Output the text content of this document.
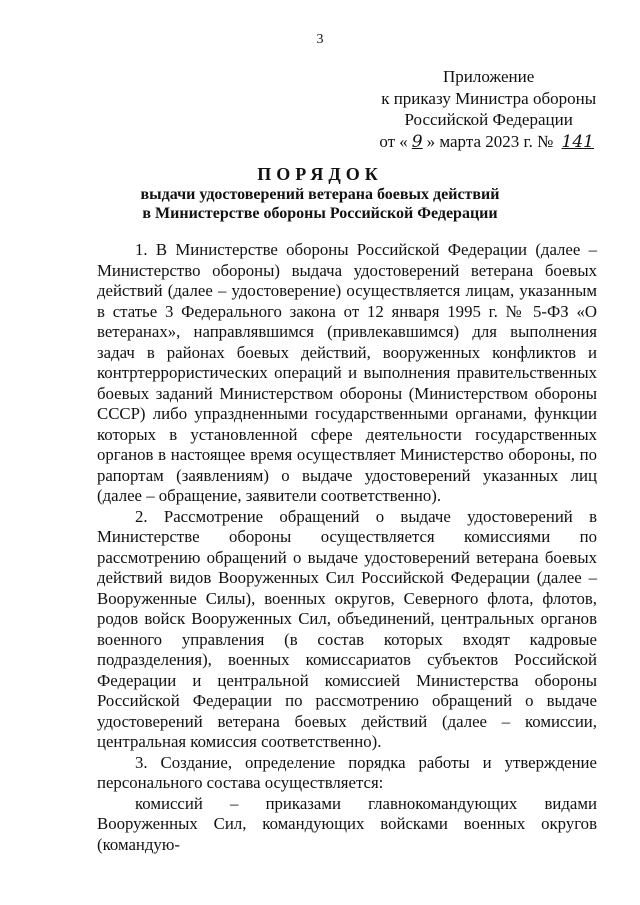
3
Приложение
к приказу Министра обороны
Российской Федерации
от « 9 » марта 2023 г. № 141
ПОРЯДОК
выдачи удостоверений ветерана боевых действий
в Министерстве обороны Российской Федерации

1. В Министерстве обороны Российской Федерации (далее – Министерство обороны) выдача удостоверений ветерана боевых действий (далее – удостоверение) осуществляется лицам, указанным в статье 3 Федерального закона от 12 января 1995 г. № 5-ФЗ «О ветеранах», направлявшимся (привлекавшимся) для выполнения задач в районах боевых действий, вооруженных конфликтов и контртеррористических операций и выполнения правительственных боевых заданий Министерством обороны (Министерством обороны СССР) либо упраздненными государственными органами, функции которых в установленной сфере деятельности государственных органов в настоящее время осуществляет Министерство обороны, по рапортам (заявлениям) о выдаче удостоверений указанных лиц (далее – обращение, заявители соответственно).

2. Рассмотрение обращений о выдаче удостоверений в Министерстве обороны осуществляется комиссиями по рассмотрению обращений о выдаче удостоверений ветерана боевых действий видов Вооруженных Сил Российской Федерации (далее – Вооруженные Силы), военных округов, Северного флота, флотов, родов войск Вооруженных Сил, объединений, центральных органов военного управления (в состав которых входят кадровые подразделения), военных комиссариатов субъектов Российской Федерации и центральной комиссией Министерства обороны Российской Федерации по рассмотрению обращений о выдаче удостоверений ветерана боевых действий (далее – комиссии, центральная комиссия соответственно).

3. Создание, определение порядка работы и утверждение персонального состава осуществляется:

комиссий – приказами главнокомандующих видами Вооруженных Сил, командующих войсками военных округов (командую-
